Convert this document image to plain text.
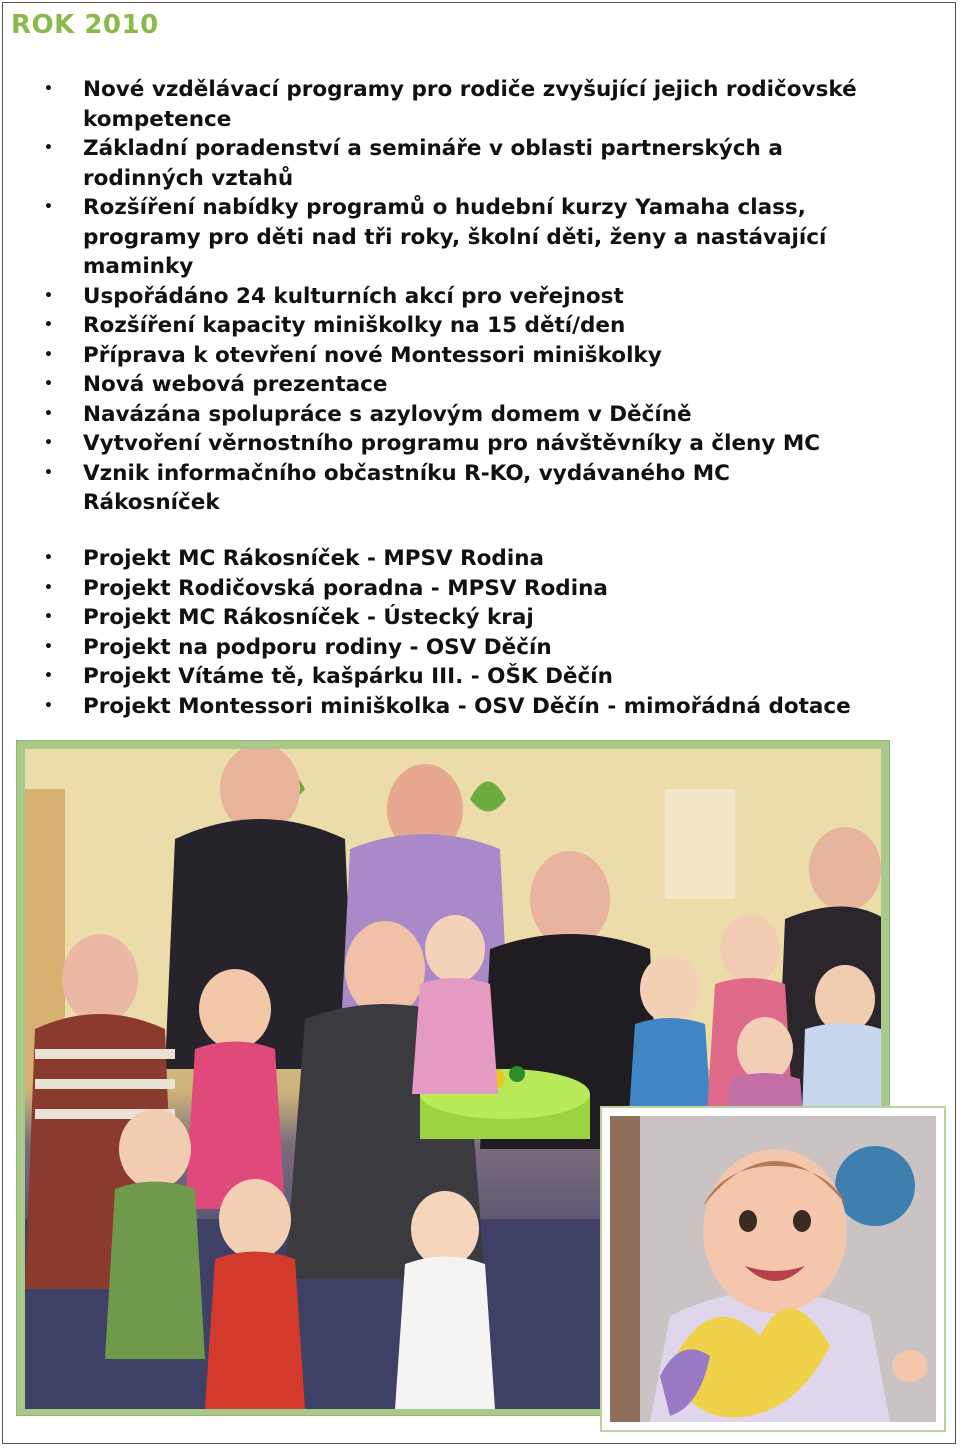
ROK 2010
• Nové vzdělávací programy pro rodiče zvyšující jejich rodičovské
kompetence
• Základní poradenství a semináře v oblasti partnerských a
rodinných vztahů
• Rozšíření nabídky programů o hudební kurzy Yamaha class,
programy pro děti nad tři roky, školní děti, ženy a nastávající
maminky
• Uspořádáno 24 kulturních akcí pro veřejnost
• Rozšíření kapacity miniškolky na 15 dětí/den
• Příprava k otevření nové Montessori miniškolky
• Nová webová prezentace
• Navázána spolupráce s azylovým domem v Děčíně
• Vytvoření věrnostního programu pro návštěvníky a členy MC
• Vznik informačního občastníku R-KO, vydávaného MC
Rákosníček
• Projekt MC Rákosníček - MPSV Rodina
• Projekt Rodičovská poradna - MPSV Rodina
• Projekt MC Rákosníček - Ústecký kraj
• Projekt na podporu rodiny - OSV Děčín
• Projekt Vítáme tě, kašpárku III. - OŠK Děčín
• Projekt Montessori miniškolka - OSV Děčín - mimořádná dotace
